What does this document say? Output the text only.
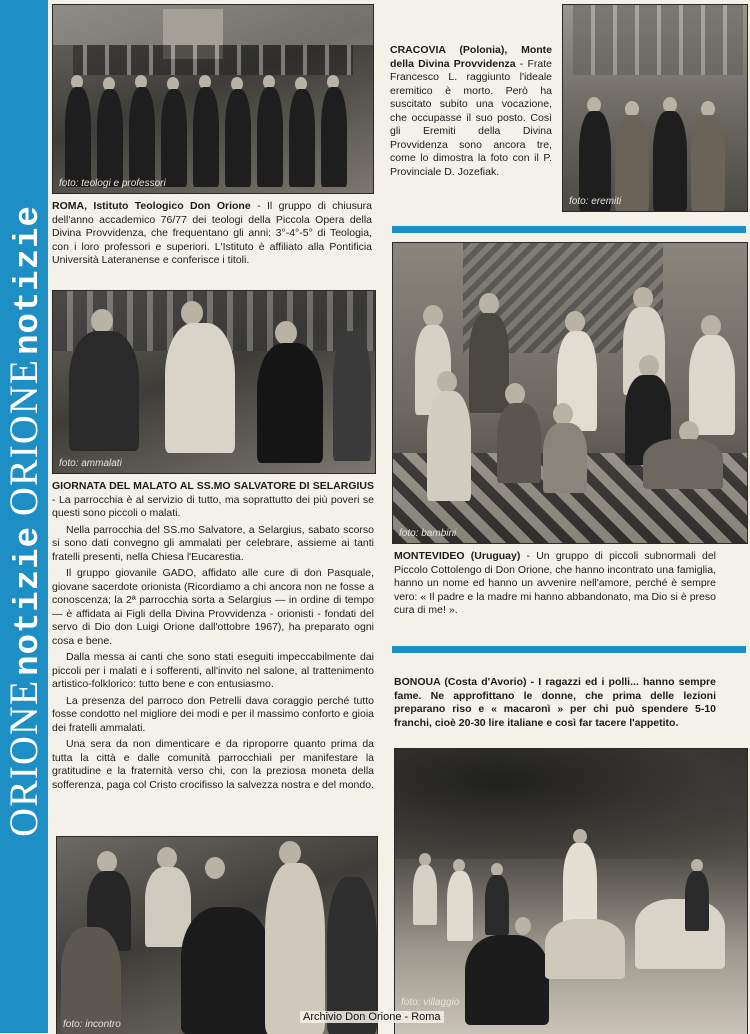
ORIONEnotizieORIONEnotizie
foto: teologi e professori
ROMA, Istituto Teologico Don Orione - Il gruppo di chiusura dell'anno accademico 76/77 dei teologi della Piccola Opera della Divina Provvidenza, che frequentano gli anni: 3°-4°-5° di Teologia, con i loro professori e superiori. L'Istituto è affiliato alla Pontificia Università Lateranense e conferisce i titoli.
CRACOVIA (Polonia), Monte della Divina Provvidenza - Frate Francesco L. raggiunto l'ideale eremitico è morto. Però ha suscitato subito una vocazione, che occupasse il suo posto. Così gli Eremiti della Divina Provvidenza sono ancora tre, come lo dimostra la foto con il P. Provinciale D. Jozefiak.
foto: eremiti
foto: ammalati

GIORNATA DEL MALATO AL SS.MO SALVATORE DI SELARGIUS - La parrocchia è al servizio di tutto, ma soprattutto dei più poveri se questi sono piccoli o malati.

Nella parrocchia del SS.mo Salvatore, a Selargius, sabato scorso si sono dati convegno gli ammalati per celebrare, assieme ai tanti fratelli presenti, nella Chiesa l'Eucarestia.

Il gruppo giovanile GADO, affidato alle cure di don Pasquale, giovane sacerdote orionista (Ricordiamo a chi ancora non ne fosse a conoscenza; la 2ª parrocchia sorta a Selargius — in ordine di tempo — è affidata ai Figli della Divina Provvidenza - orionisti - fondati del servo di Dio don Luigi Orione dall'ottobre 1967), ha preparato ogni cosa e bene.

Dalla messa ai canti che sono stati eseguiti impeccabilmente dai piccoli per i malati e i sofferenti, all'invito nel salone, al trattenimento artistico-folklorico: tutto bene e con entusiasmo.

La presenza del parroco don Petrelli dava coraggio perché tutto fosse condotto nel migliore dei modi e per il massimo conforto e gioia dei fratelli ammalati.

Una sera da non dimenticare e da riproporre quanto prima da tutta la città e dalle comunità parrocchiali per manifestare la gratitudine e la fraternità verso chi, con la preziosa moneta della sofferenza, paga col Cristo crocifisso la salvezza nostra e del mondo.

foto: incontro
foto: bambini
MONTEVIDEO (Uruguay) - Un gruppo di piccoli subnormali del Piccolo Cottolengo di Don Orione, che hanno incontrato una famiglia, hanno un nome ed hanno un avvenire nell'amore, perché è sempre vero: « Il padre e la madre mi hanno abbandonato, ma Dio si è preso cura di me! ».
BONOUA (Costa d'Avorio) - I ragazzi ed i polli... hanno sempre fame. Ne approfittano le donne, che prima delle lezioni preparano riso e « macaronì » per chi può spendere 5-10 franchi, cioè 20-30 lire italiane e così far tacere l'appetito.
foto: villaggio
Archivio Don Orione - Roma
